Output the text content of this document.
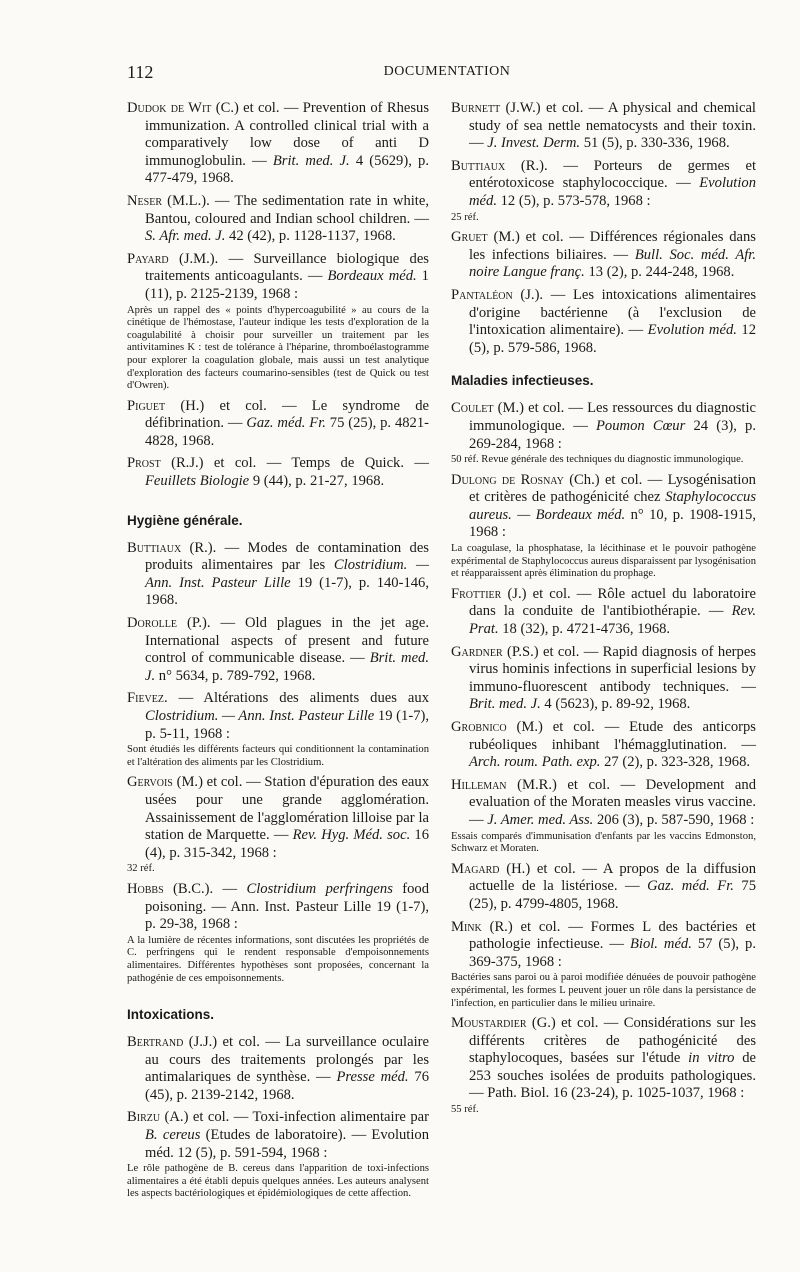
112	DOCUMENTATION
Dudok de Wit (C.) et col. — Prevention of Rhesus immunization. A controlled clinical trial with a comparatively low dose of anti D immunoglobulin. — Brit. med. J. 4 (5629), p. 477-479, 1968.
Neser (M.L.). — The sedimentation rate in white, Bantou, coloured and Indian school children. — S. Afr. med. J. 42 (42), p. 1128-1137, 1968.
Payard (J.M.). — Surveillance biologique des traitements anticoagulants. — Bordeaux méd. 1 (11), p. 2125-2139, 1968 :
Après un rappel des « points d'hypercoagubilité » au cours de la cinétique de l'hémostase, l'auteur indique les tests d'exploration de la coagulabilité à choisir pour surveiller un traitement par les antivitamines K : test de tolérance à l'héparine, thromboélastogramme pour explorer la coagulation globale, mais aussi un test analytique d'exploration des facteurs coumarino-sensibles (test de Quick ou test d'Owren).
Piguet (H.) et col. — Le syndrome de défibrination. — Gaz. méd. Fr. 75 (25), p. 4821-4828, 1968.
Prost (R.J.) et col. — Temps de Quick. — Feuillets Biologie 9 (44), p. 21-27, 1968.
Hygiène générale.
Buttiaux (R.). — Modes de contamination des produits alimentaires par les Clostridium. — Ann. Inst. Pasteur Lille 19 (1-7), p. 140-146, 1968.
Dorolle (P.). — Old plagues in the jet age. International aspects of present and future control of communicable disease. — Brit. med. J. n° 5634, p. 789-792, 1968.
Fievez. — Altérations des aliments dues aux Clostridium. — Ann. Inst. Pasteur Lille 19 (1-7), p. 5-11, 1968 :
Sont étudiés les différents facteurs qui conditionnent la contamination et l'altération des aliments par les Clostridium.
Gervois (M.) et col. — Station d'épuration des eaux usées pour une grande agglomération. Assainissement de l'agglomération lilloise par la station de Marquette. — Rev. Hyg. Méd. soc. 16 (4), p. 315-342, 1968 :
32 réf.
Hobbs (B.C.). — Clostridium perfringens food poisoning. — Ann. Inst. Pasteur Lille 19 (1-7), p. 29-38, 1968 :
A la lumière de récentes informations, sont discutées les propriétés de C. perfringens qui le rendent responsable d'empoisonnements alimentaires. Différentes hypothèses sont proposées, concernant la pathogénie de ces empoisonnements.
Intoxications.
Bertrand (J.J.) et col. — La surveillance oculaire au cours des traitements prolongés par les antimalariques de synthèse. — Presse méd. 76 (45), p. 2139-2142, 1968.
Birzu (A.) et col. — Toxi-infection alimentaire par B. cereus (Etudes de laboratoire). — Evolution méd. 12 (5), p. 591-594, 1968 :
Le rôle pathogène de B. cereus dans l'apparition de toxi-infections alimentaires a été établi depuis quelques années. Les auteurs analysent les aspects bactériologiques et épidémiologiques de cette affection.
Burnett (J.W.) et col. — A physical and chemical study of sea nettle nematocysts and their toxin. — J. Invest. Derm. 51 (5), p. 330-336, 1968.
Buttiaux (R.). — Porteurs de germes et entérotoxicose staphylococcique. — Evolution méd. 12 (5), p. 573-578, 1968 :
25 réf.
Gruet (M.) et col. — Différences régionales dans les infections biliaires. — Bull. Soc. méd. Afr. noire Langue franç. 13 (2), p. 244-248, 1968.
Pantaléon (J.). — Les intoxications alimentaires d'origine bactérienne (à l'exclusion de l'intoxication alimentaire). — Evolution méd. 12 (5), p. 579-586, 1968.
Maladies infectieuses.
Coulet (M.) et col. — Les ressources du diagnostic immunologique. — Poumon Cœur 24 (3), p. 269-284, 1968 :
50 réf. Revue générale des techniques du diagnostic immunologique.
Dulong de Rosnay (Ch.) et col. — Lysogénisation et critères de pathogénicité chez Staphylococcus aureus. — Bordeaux méd. n° 10, p. 1908-1915, 1968 :
La coagulase, la phosphatase, la lécithinase et le pouvoir pathogène expérimental de Staphylococcus aureus disparaissent par lysogénisation et réapparaissent après élimination du prophage.
Frottier (J.) et col. — Rôle actuel du laboratoire dans la conduite de l'antibiothérapie. — Rev. Prat. 18 (32), p. 4721-4736, 1968.
Gardner (P.S.) et col. — Rapid diagnosis of herpes virus hominis infections in superficial lesions by immuno-fluorescent antibody techniques. — Brit. med. J. 4 (5623), p. 89-92, 1968.
Grobnico (M.) et col. — Etude des anticorps rubéoliques inhibant l'hémagglutination. — Arch. roum. Path. exp. 27 (2), p. 323-328, 1968.
Hilleman (M.R.) et col. — Development and evaluation of the Moraten measles virus vaccine. — J. Amer. med. Ass. 206 (3), p. 587-590, 1968 :
Essais comparés d'immunisation d'enfants par les vaccins Edmonston, Schwarz et Moraten.
Magard (H.) et col. — A propos de la diffusion actuelle de la listériose. — Gaz. méd. Fr. 75 (25), p. 4799-4805, 1968.
Mink (R.) et col. — Formes L des bactéries et pathologie infectieuse. — Biol. méd. 57 (5), p. 369-375, 1968 :
Bactéries sans paroi ou à paroi modifiée dénuées de pouvoir pathogène expérimental, les formes L peuvent jouer un rôle dans la persistance de l'infection, en particulier dans le milieu urinaire.
Moustardier (G.) et col. — Considérations sur les différents critères de pathogénicité des staphylocoques, basées sur l'étude in vitro de 253 souches isolées de produits pathologiques. — Path. Biol. 16 (23-24), p. 1025-1037, 1968 :
55 réf.
